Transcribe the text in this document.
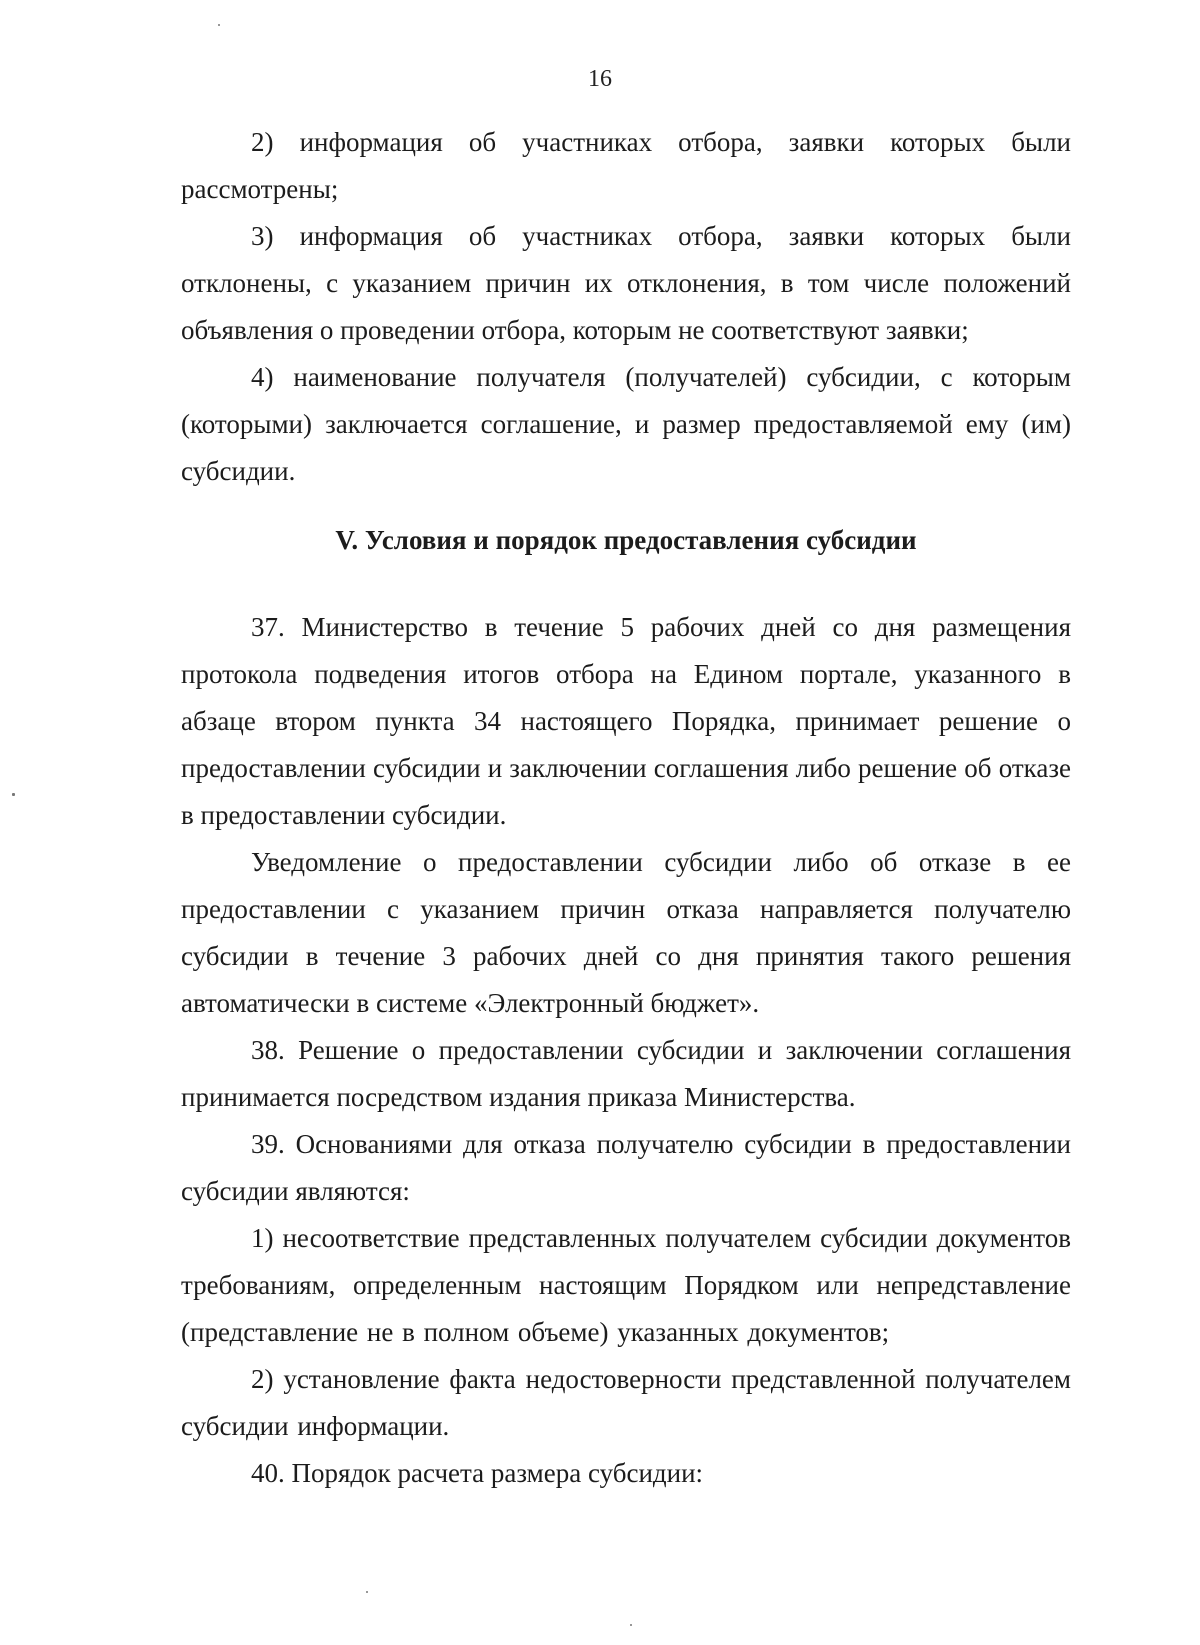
16

2) информация об участниках отбора, заявки которых были рассмотрены;

3) информация об участниках отбора, заявки которых были отклонены, с указанием причин их отклонения, в том числе положений объявления о проведении отбора, которым не соответствуют заявки;

4) наименование получателя (получателей) субсидии, с которым (которыми) заключается соглашение, и размер предоставляемой ему (им) субсидии.

V. Условия и порядок предоставления субсидии

37. Министерство в течение 5 рабочих дней со дня размещения протокола подведения итогов отбора на Едином портале, указанного в абзаце втором пункта 34 настоящего Порядка, принимает решение о предоставлении субсидии и заключении соглашения либо решение об отказе в предоставлении субсидии.

Уведомление о предоставлении субсидии либо об отказе в ее предоставлении с указанием причин отказа направляется получателю субсидии в течение 3 рабочих дней со дня принятия такого решения автоматически в системе «Электронный бюджет».

38. Решение о предоставлении субсидии и заключении соглашения принимается посредством издания приказа Министерства.

39. Основаниями для отказа получателю субсидии в предоставлении субсидии являются:

1) несоответствие представленных получателем субсидии документов требованиям, определенным настоящим Порядком или непредставление (представление не в полном объеме) указанных документов;

2) установление факта недостоверности представленной получателем субсидии информации.

40. Порядок расчета размера субсидии:
